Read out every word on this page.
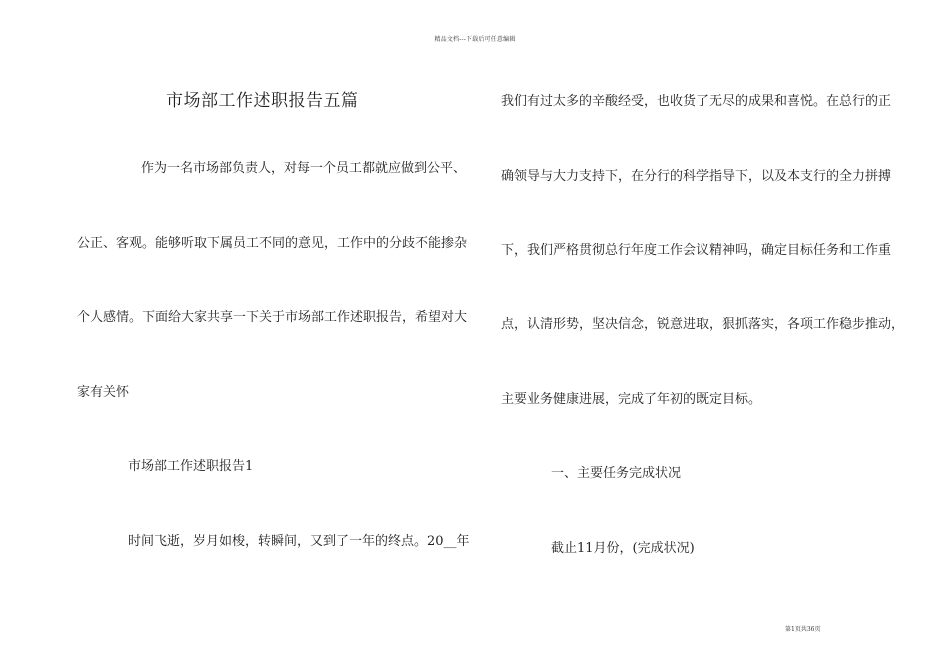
精品文档---下载后可任意编辑
市场部工作述职报告五篇
作为一名市场部负责人，对每一个员工都就应做到公平、
公正、客观。能够听取下属员工不同的意见，工作中的分歧不能掺杂
个人感情。下面给大家共享一下关于市场部工作述职报告，希望对大
家有关怀
市场部工作述职报告1
时间飞逝，岁月如梭，转瞬间，又到了一年的终点。20__年
我们有过太多的辛酸经受，也收货了无尽的成果和喜悦。在总行的正
确领导与大力支持下，在分行的科学指导下，以及本支行的全力拼搏
下，我们严格贯彻总行年度工作会议精神吗，确定目标任务和工作重
点，认清形势，坚决信念，锐意进取，狠抓落实，各项工作稳步推动，
主要业务健康进展，完成了年初的既定目标。
一、主要任务完成状况
截止11月份，(完成状况)
第1页共36页
